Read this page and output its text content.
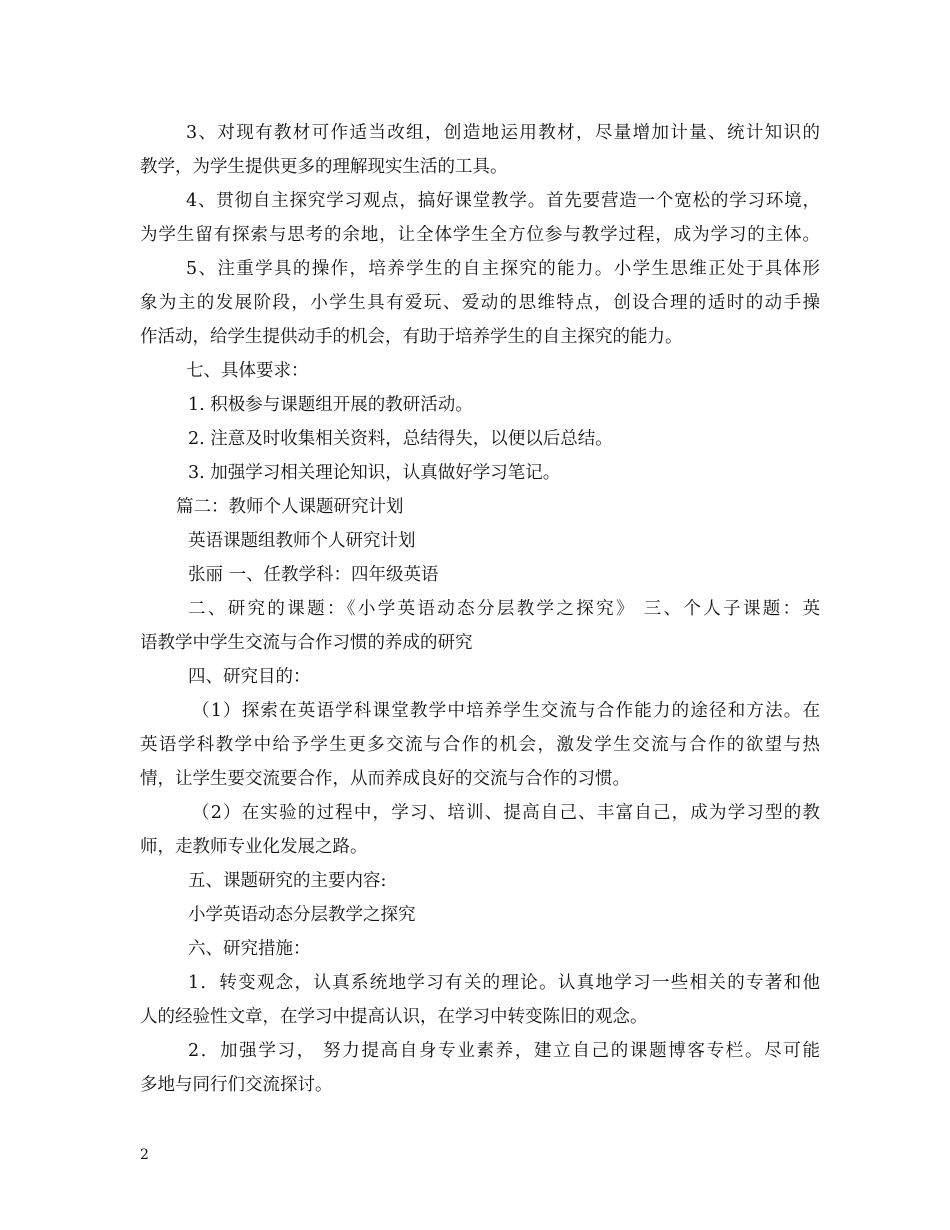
3、对现有教材可作适当改组，创造地运用教材，尽量增加计量、统计知识的
教学，为学生提供更多的理解现实生活的工具。
4、贯彻自主探究学习观点，搞好课堂教学。首先要营造一个宽松的学习环境，
为学生留有探索与思考的余地，让全体学生全方位参与教学过程，成为学习的主体。
5、注重学具的操作，培养学生的自主探究的能力。小学生思维正处于具体形
象为主的发展阶段，小学生具有爱玩、爱动的思维特点，创设合理的适时的动手操
作活动，给学生提供动手的机会，有助于培养学生的自主探究的能力。
七、具体要求：
1. 积极参与课题组开展的教研活动。
2. 注意及时收集相关资料，总结得失，以便以后总结。
3. 加强学习相关理论知识，认真做好学习笔记。
篇二：教师个人课题研究计划
英语课题组教师个人研究计划
张丽 一、任教学科：四年级英语
二、研究的课题：《小学英语动态分层教学之探究》 三、个人子课题：英
语教学中学生交流与合作习惯的养成的研究
四、研究目的：
（1）探索在英语学科课堂教学中培养学生交流与合作能力的途径和方法。在
英语学科教学中给予学生更多交流与合作的机会，激发学生交流与合作的欲望与热
情，让学生要交流要合作，从而养成良好的交流与合作的习惯。
（2）在实验的过程中，学习、培训、提高自己、丰富自己，成为学习型的教
师，走教师专业化发展之路。
五、课题研究的主要内容:
小学英语动态分层教学之探究
六、研究措施：
1．转变观念，认真系统地学习有关的理论。认真地学习一些相关的专著和他
人的经验性文章，在学习中提高认识，在学习中转变陈旧的观念。
2．加强学习， 努力提高自身专业素养，建立自己的课题博客专栏。尽可能
多地与同行们交流探讨。
2
